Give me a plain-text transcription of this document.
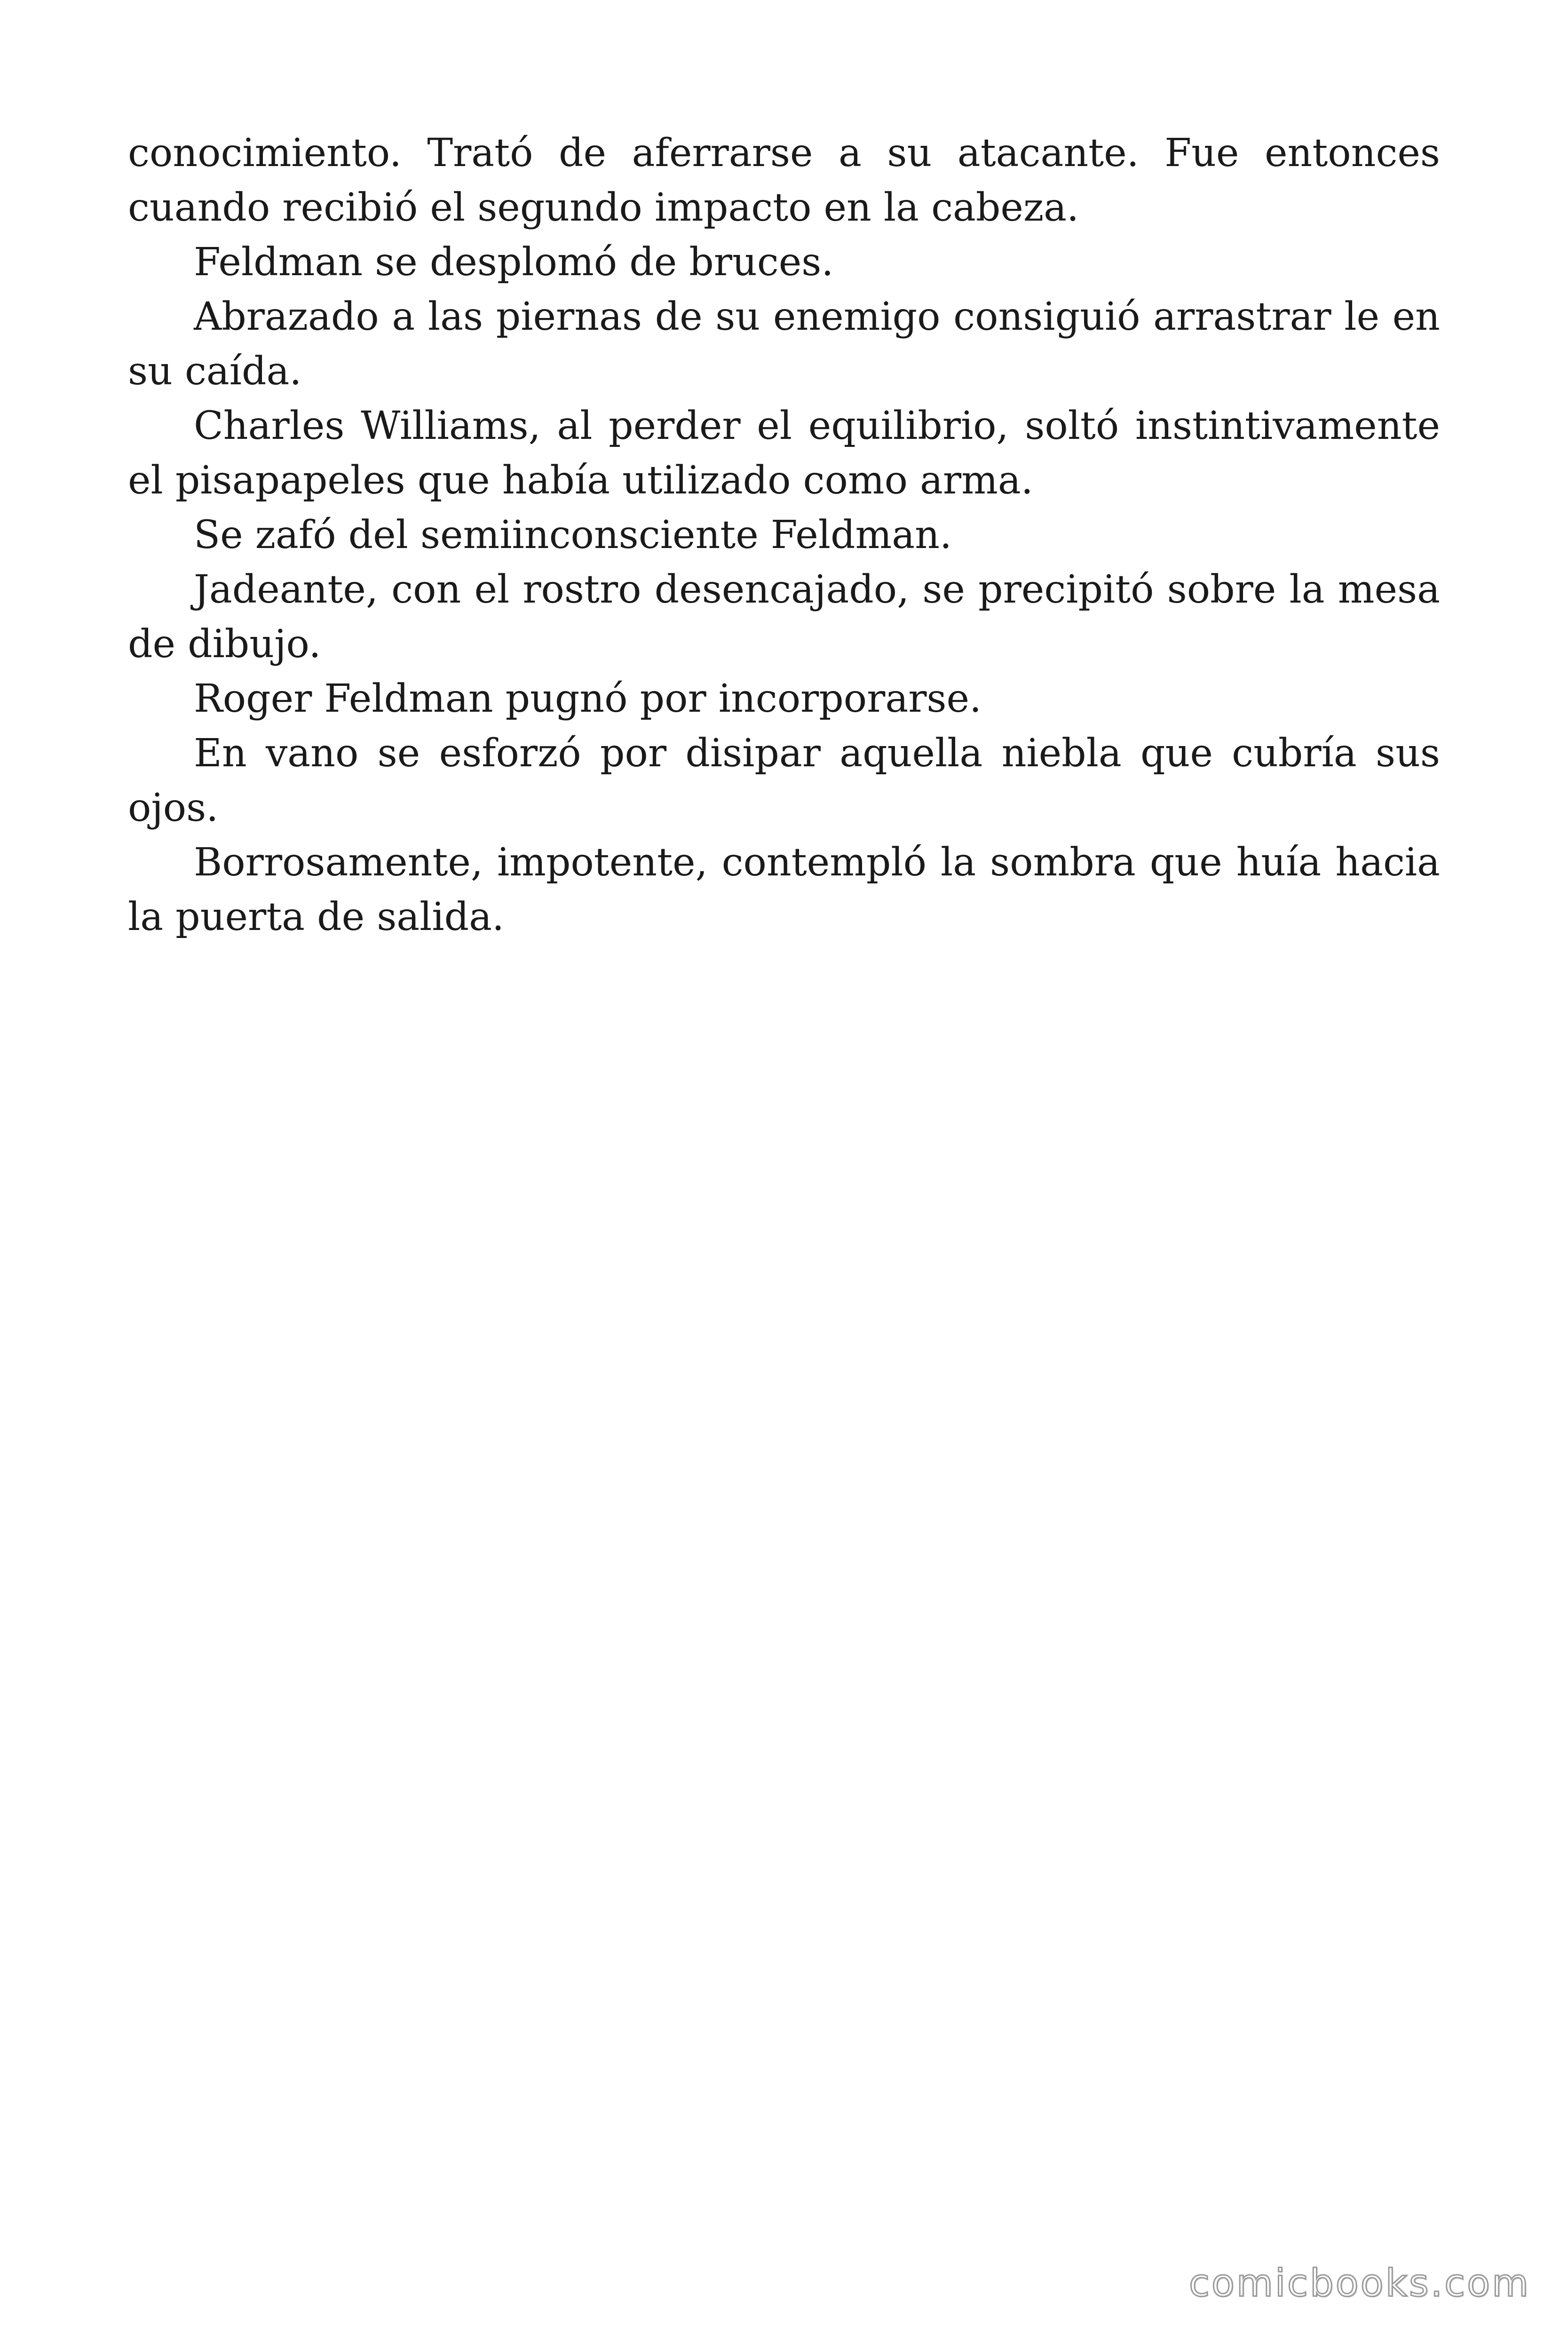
conocimiento. Trató de aferrarse a su atacante. Fue entonces cuando recibió el segundo impacto en la cabeza.

Feldman se desplomó de bruces.

Abrazado a las piernas de su enemigo consiguió arrastrar le en su caída.

Charles Williams, al perder el equilibrio, soltó instintivamente el pisapapeles que había utilizado como arma.

Se zafó del semiinconsciente Feldman.

Jadeante, con el rostro desencajado, se precipitó sobre la mesa de dibujo.

Roger Feldman pugnó por incorporarse.

En vano se esforzó por disipar aquella niebla que cubría sus ojos.

Borrosamente, impotente, contempló la sombra que huía hacia la puerta de salida.

comicbooks.com
